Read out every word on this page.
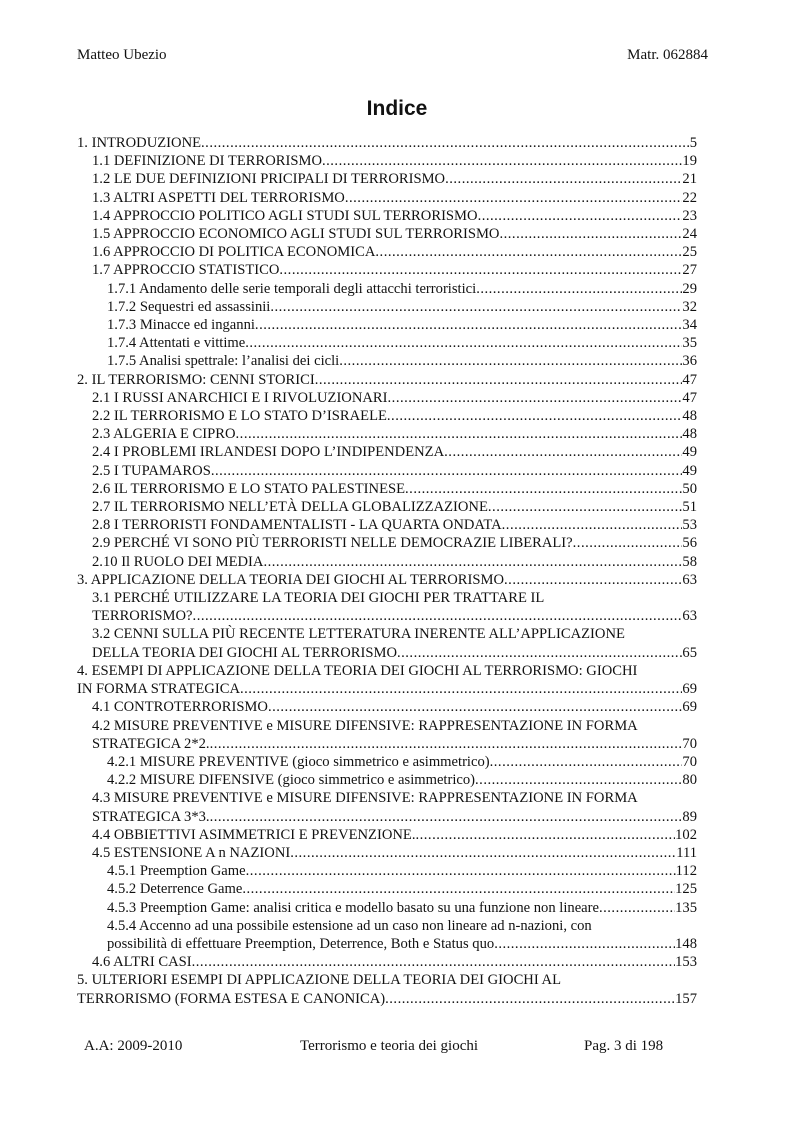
Matteo Ubezio	Matr. 062884
Indice
1. INTRODUZIONE .....	5
1.1 DEFINIZIONE DI TERRORISMO .....	19
1.2 LE DUE DEFINIZIONI PRICIPALI DI TERRORISMO .....	21
1.3 ALTRI ASPETTI DEL TERRORISMO .....	22
1.4 APPROCCIO POLITICO AGLI STUDI SUL TERRORISMO .....	23
1.5 APPROCCIO ECONOMICO AGLI STUDI SUL TERRORISMO .....	24
1.6 APPROCCIO DI POLITICA ECONOMICA .....	25
1.7 APPROCCIO STATISTICO .....	27
1.7.1 Andamento delle serie temporali degli attacchi terroristici .....	29
1.7.2 Sequestri ed assassinii .....	32
1.7.3 Minacce ed inganni .....	34
1.7.4 Attentati e vittime .....	35
1.7.5 Analisi spettrale: l’analisi dei cicli .....	36
2. IL TERRORISMO: CENNI STORICI .....	47
2.1 I RUSSI ANARCHICI E I RIVOLUZIONARI .....	47
2.2 IL TERRORISMO E LO STATO D’ISRAELE .....	48
2.3 ALGERIA E CIPRO .....	48
2.4 I PROBLEMI IRLANDESI DOPO L’INDIPENDENZA .....	49
2.5 I TUPAMAROS .....	49
2.6 IL TERRORISMO E LO STATO PALESTINESE .....	50
2.7 IL TERRORISMO NELL’ETÀ DELLA GLOBALIZZAZIONE .....	51
2.8 I TERRORISTI FONDAMENTALISTI - LA QUARTA ONDATA .....	53
2.9 PERCHÉ VI SONO PIÙ TERRORISTI NELLE DEMOCRAZIE LIBERALI? .....	56
2.10 Il RUOLO DEI MEDIA .....	58
3. APPLICAZIONE DELLA TEORIA DEI GIOCHI AL TERRORISMO .....	63
3.1 PERCHÉ UTILIZZARE LA TEORIA DEI GIOCHI PER TRATTARE IL
TERRORISMO? .....	63
3.2 CENNI SULLA PIÙ RECENTE LETTERATURA INERENTE ALL’APPLICAZIONE
DELLA TEORIA DEI GIOCHI AL TERRORISMO .....	65
4. ESEMPI DI APPLICAZIONE DELLA TEORIA DEI GIOCHI AL TERRORISMO: GIOCHI
IN FORMA STRATEGICA .....	69
4.1 CONTROTERRORISMO .....	69
4.2 MISURE PREVENTIVE e MISURE DIFENSIVE: RAPPRESENTAZIONE IN FORMA
STRATEGICA 2*2. .....	70
4.2.1 MISURE PREVENTIVE (gioco simmetrico e asimmetrico) .....	70
4.2.2 MISURE DIFENSIVE (gioco simmetrico e asimmetrico) .....	80
4.3 MISURE PREVENTIVE e MISURE DIFENSIVE: RAPPRESENTAZIONE IN FORMA
STRATEGICA 3*3. .....	89
4.4 OBBIETTIVI ASIMMETRICI E PREVENZIONE. .....	102
4.5 ESTENSIONE A n NAZIONI .....	111
4.5.1 Preemption Game .....	112
4.5.2 Deterrence Game .....	125
4.5.3 Preemption Game: analisi critica e modello basato su una funzione non lineare .....	135
4.5.4 Accenno ad una possibile estensione ad un caso non lineare ad n-nazioni, con
possibilità di effettuare Preemption, Deterrence, Both e Status quo .....	148
4.6 ALTRI CASI .....	153
5. ULTERIORI ESEMPI DI APPLICAZIONE DELLA TEORIA DEI GIOCHI AL
TERRORISMO (FORMA ESTESA E CANONICA) .....	157
A.A: 2009-2010	Terrorismo e teoria dei giochi	Pag. 3 di 198
